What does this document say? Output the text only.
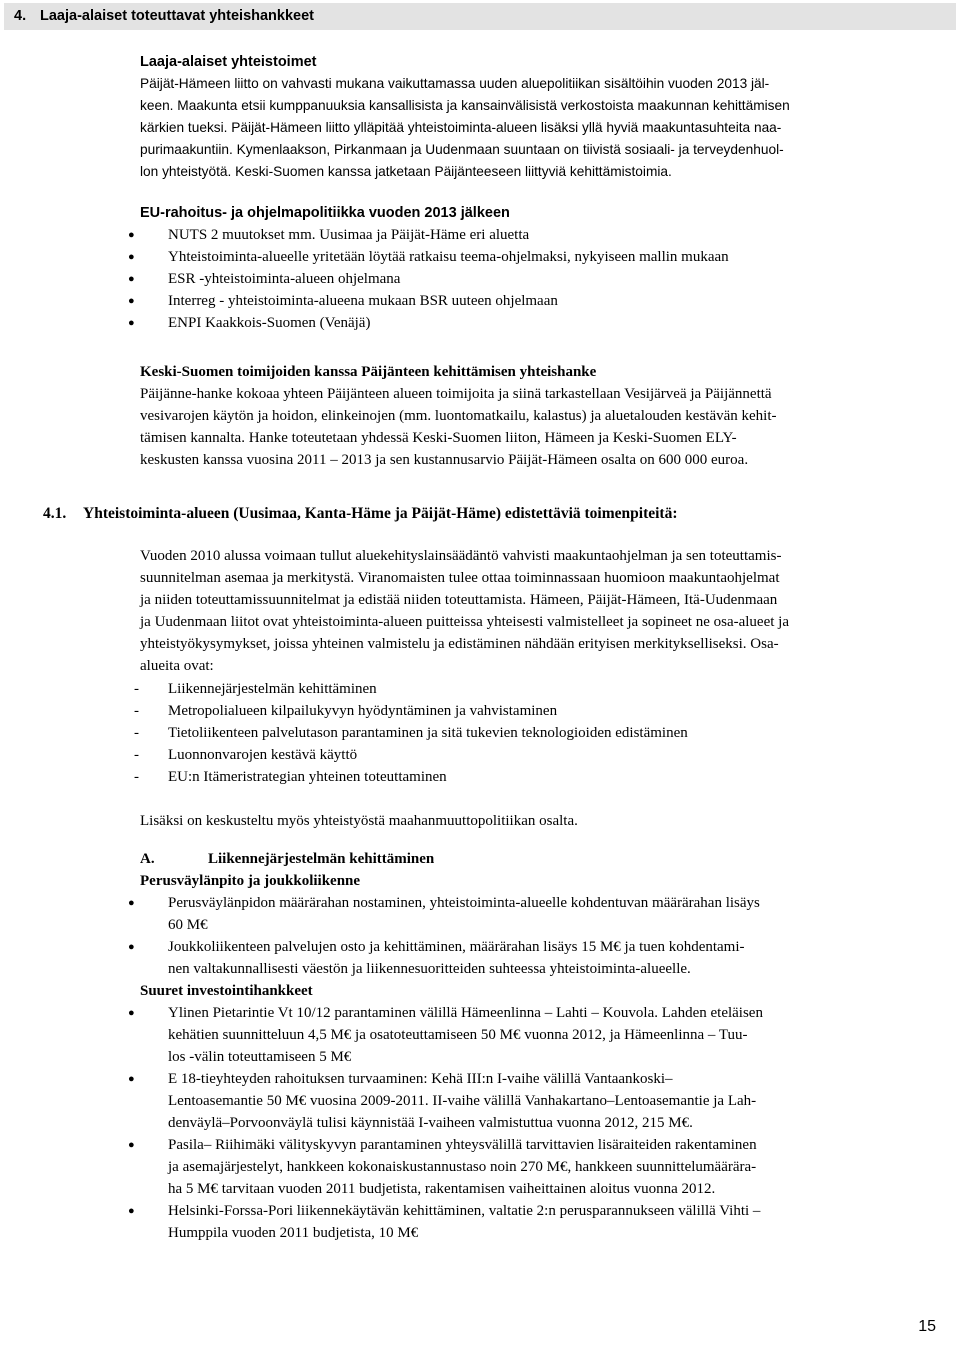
4. Laaja-alaiset toteuttavat yhteishankkeet
Laaja-alaiset yhteistoimet
Päijät-Hämeen liitto on vahvasti mukana vaikuttamassa uuden aluepolitiikan sisältöihin vuoden 2013 jäl-
keen. Maakunta etsii kumppanuuksia kansallisista ja kansainvälisistä verkostoista maakunnan kehittämisen
kärkien tueksi. Päijät-Hämeen liitto ylläpitää yhteistoiminta-alueen lisäksi yllä hyviä maakuntasuhteita naa-
purimaakuntiin. Kymenlaakson, Pirkanmaan ja Uudenmaan suuntaan on tiivistä sosiaali- ja terveydenhuol-
lon yhteistyötä. Keski-Suomen kanssa jatketaan Päijänteeseen liittyviä kehittämistoimia.
EU-rahoitus- ja ohjelmapolitiikka vuoden 2013 jälkeen
● NUTS 2 muutokset mm. Uusimaa ja Päijät-Häme eri aluetta
● Yhteistoiminta-alueelle yritetään löytää ratkaisu teema-ohjelmaksi, nykyiseen mallin mukaan
● ESR -yhteistoiminta-alueen ohjelmana
● Interreg - yhteistoiminta-alueena mukaan BSR uuteen ohjelmaan
● ENPI Kaakkois-Suomen (Venäjä)
Keski-Suomen toimijoiden kanssa Päijänteen kehittämisen yhteishanke
Päijänne-hanke kokoaa yhteen Päijänteen alueen toimijoita ja siinä tarkastellaan Vesijärveä ja Päijännettä
vesivarojen käytön ja hoidon, elinkeinojen (mm. luontomatkailu, kalastus) ja aluetalouden kestävän kehit-
tämisen kannalta. Hanke toteutetaan yhdessä Keski-Suomen liiton, Hämeen ja Keski-Suomen ELY-
keskusten kanssa vuosina 2011 – 2013 ja sen kustannusarvio Päijät-Hämeen osalta on 600 000 euroa.
4.1. Yhteistoiminta-alueen (Uusimaa, Kanta-Häme ja Päijät-Häme) edistettäviä toimenpiteitä:
Vuoden 2010 alussa voimaan tullut aluekehityslainsäädäntö vahvisti maakuntaohjelman ja sen toteuttamis-
suunnitelman asemaa ja merkitystä. Viranomaisten tulee ottaa toiminnassaan huomioon maakuntaohjelmat
ja niiden toteuttamissuunnitelmat ja edistää niiden toteuttamista. Hämeen, Päijät-Hämeen, Itä-Uudenmaan
ja Uudenmaan liitot ovat yhteistoiminta-alueen puitteissa yhteisesti valmistelleet ja sopineet ne osa-alueet ja
yhteistyökysymykset, joissa yhteinen valmistelu ja edistäminen nähdään erityisen merkitykselliseksi. Osa-
alueita ovat:
- Liikennejärjestelmän kehittäminen
- Metropolialueen kilpailukyvyn hyödyntäminen ja vahvistaminen
- Tietoliikenteen palvelutason parantaminen ja sitä tukevien teknologioiden edistäminen
- Luonnonvarojen kestävä käyttö
- EU:n Itämeristrategian yhteinen toteuttaminen
Lisäksi on keskusteltu myös yhteistyöstä maahanmuuttopolitiikan osalta.
A.	Liikennejärjestelmän kehittäminen
Perusväylänpito ja joukkoliikenne
● Perusväylänpidon määrärahan nostaminen, yhteistoiminta-alueelle kohdentuvan määrärahan lisäys
60 M€
● Joukkoliikenteen palvelujen osto ja kehittäminen, määrärahan lisäys 15 M€ ja tuen kohdentami-
nen valtakunnallisesti väestön ja liikennesuoritteiden suhteessa yhteistoiminta-alueelle.
Suuret investointihankkeet
● Ylinen Pietarintie Vt 10/12 parantaminen välillä Hämeenlinna – Lahti – Kouvola. Lahden eteläisen
kehätien suunnitteluun 4,5 M€ ja osatoteuttamiseen 50 M€ vuonna 2012, ja Hämeenlinna – Tuu-
los -välin toteuttamiseen 5 M€
● E 18-tieyhteyden rahoituksen turvaaminen: Kehä III:n I-vaihe välillä Vantaankoski–
Lentoasemantie 50 M€ vuosina 2009-2011. II-vaihe välillä Vanhakartano–Lentoasemantie ja Lah-
denväylä–Porvoonväylä tulisi käynnistää I-vaiheen valmistuttua vuonna 2012, 215 M€.
● Pasila– Riihimäki välityskyvyn parantaminen yhteysvälillä tarvittavien lisäraiteiden rakentaminen
ja asemajärjestelyt, hankkeen kokonaiskustannustaso noin 270 M€, hankkeen suunnittelumäärära-
ha 5 M€ tarvitaan vuoden 2011 budjetista, rakentamisen vaiheittainen aloitus vuonna 2012.
● Helsinki-Forssa-Pori liikennekäytävän kehittäminen, valtatie 2:n perusparannukseen välillä Vihti –
Humppila vuoden 2011 budjetista, 10 M€
15
